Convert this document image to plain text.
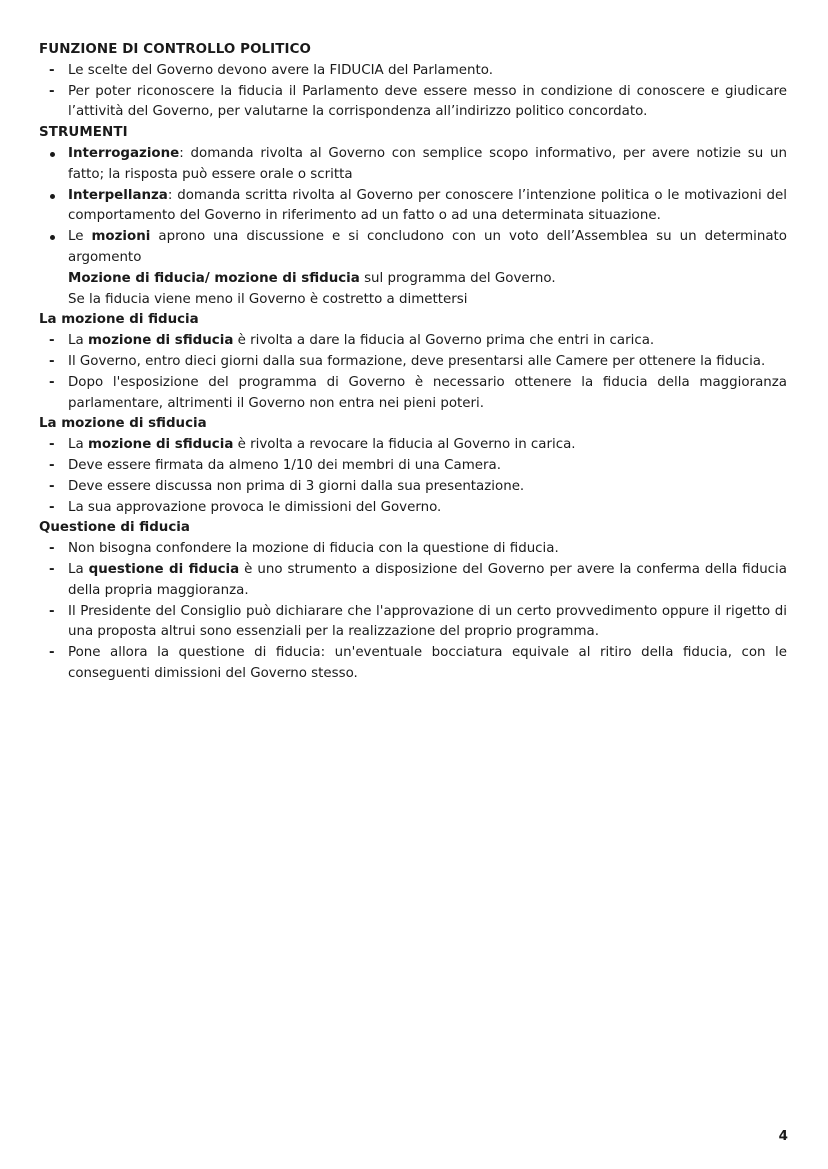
FUNZIONE DI CONTROLLO POLITICO
- Le scelte del Governo devono avere la FIDUCIA del Parlamento.
- Per poter riconoscere la fiducia il Parlamento deve essere messo in condizione di conoscere e giudicare l’attività del Governo, per valutarne la corrispondenza all’indirizzo politico concordato.
STRUMENTI
Interrogazione: domanda rivolta al Governo con semplice scopo informativo, per avere notizie su un fatto; la risposta può essere orale o scritta
Interpellanza: domanda scritta rivolta al Governo per conoscere l’intenzione politica o le motivazioni del comportamento del Governo in riferimento ad un fatto o ad una determinata situazione.
Le mozioni aprono una discussione e si concludono con un voto dell’Assemblea su un determinato argomento
Mozione di fiducia/ mozione di sfiducia sul programma del Governo.
Se la fiducia viene meno il Governo è costretto a dimettersi
La mozione di fiducia
- La mozione di sfiducia è rivolta a dare la fiducia al Governo prima che entri in carica.
- Il Governo, entro dieci giorni dalla sua formazione, deve presentarsi alle Camere per ottenere la fiducia.
- Dopo l'esposizione del programma di Governo è necessario ottenere la fiducia della maggioranza parlamentare, altrimenti il Governo non entra nei pieni poteri.
La mozione di sfiducia
- La mozione di sfiducia è rivolta a revocare la fiducia al Governo in carica.
- Deve essere firmata da almeno 1/10 dei membri di una Camera.
- Deve essere discussa non prima di 3 giorni dalla sua presentazione.
- La sua approvazione provoca le dimissioni del Governo.
Questione di fiducia
- Non bisogna confondere la mozione di fiducia con la questione di fiducia.
- La questione di fiducia è uno strumento a disposizione del Governo per avere la conferma della fiducia della propria maggioranza.
- Il Presidente del Consiglio può dichiarare che l'approvazione di un certo provvedimento oppure il rigetto di una proposta altrui sono essenziali per la realizzazione del proprio programma.
- Pone allora la questione di fiducia: un'eventuale bocciatura equivale al ritiro della fiducia, con le conseguenti dimissioni del Governo stesso.
4
